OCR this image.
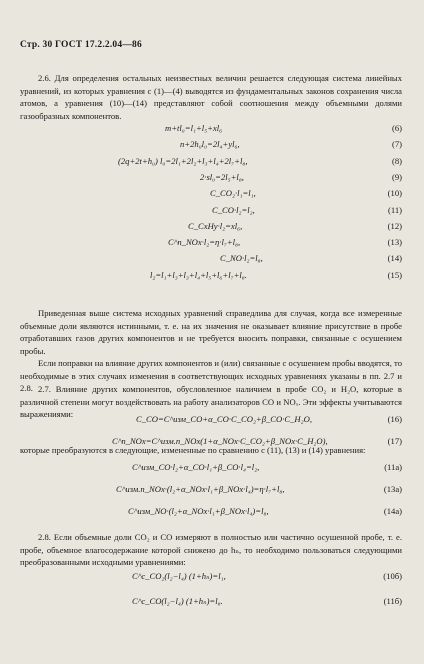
Стр. 30 ГОСТ 17.2.2.04—86
2.6. Для определения остальных неизвестных величин решается следующая система линейных уравнений, из которых уравнения с (1)—(4) выводятся из фундаментальных законов сохранения числа атомов, а уравнения (10)—(14) представляют собой соотношения между объемными долями газообразных компонентов.
m+tl₀=l₁+l₅+xl₆	(6)
n+2h₀l₀=2l₄+yl₆,	(7)
(2q+2t+h₀) l₀=2l₁+2l₂+l₃+l₄+2l₇+l₈,	(8)
2·sl₀=2l₅+l₈,	(9)
C_CO₂·l₁=l₁,	(10)
C_CO·l₂=l₂,	(11)
C_CxHy·l₂=xl₆,	(12)
C^п_NOx·l₂=η·l₇+l₈,	(13)
C_NO·l₂=l₈,	(14)
l₂=l₁+l₃+l₃+l₄+l₅+l₆+l₇+l₈.	(15)
Приведенная выше система исходных уравнений справедлива для случая, когда все измеренные объемные доли являются истинными, т. е. на их значения не оказывает влияние присутствие в пробе отработавших газов других компонентов и не требуется вносить поправки, связанные с осушением пробы.
Если поправки на влияние других компонентов и (или) связанные с осушением пробы вводятся, то необходимые в этих случаях изменения в соответствующих исходных уравнениях указаны в пп. 2.7 и 2.8. 2.7. Влияние других компонентов, обусловленное наличием в пробе CO₂ и H₂O, которые в различной степени могут воздействовать на работу анализаторов CO и NOₓ. Эти эффекты учитываются выражениями:	C_CO=C^изм_CO+α_CO·C_CO₂+β_CO·C_H₂O,	(16)
C^п_NOx=C^изм.п_NOx(1+α_NOx·C_CO₂+β_NOx·C_H₂O),	(17)
которые преобразуются в следующие, измененные по сравнению с (11), (13) и (14) уравнения:
C^изм_CO·l₂+α_CO·l₁+β_CO·l₄=l₂,	(11а)
C^изм.п_NOx·(l₂+α_NOx·l₁+β_NOx·l₄)=η·l₇+l₈,	(13а)
C^изм_NO·(l₂+α_NOx·l₁+β_NOx·l₄)=l₈,	(14а)
2.8. Если объемные доли CO₂ и CO измеряют в полностью или частично осушенной пробе, т. е. пробе, объемное влагосодержание которой снижено до hₙ, то необходимо пользоваться следующими преобразованными исходными уравнениями:
C^с_CO₂(l₂−l₄) (1+hₙ)=l₁,	(10б)
C^с_CO(l₂−l₄) (1+hₙ)=l₈.	(11б)
